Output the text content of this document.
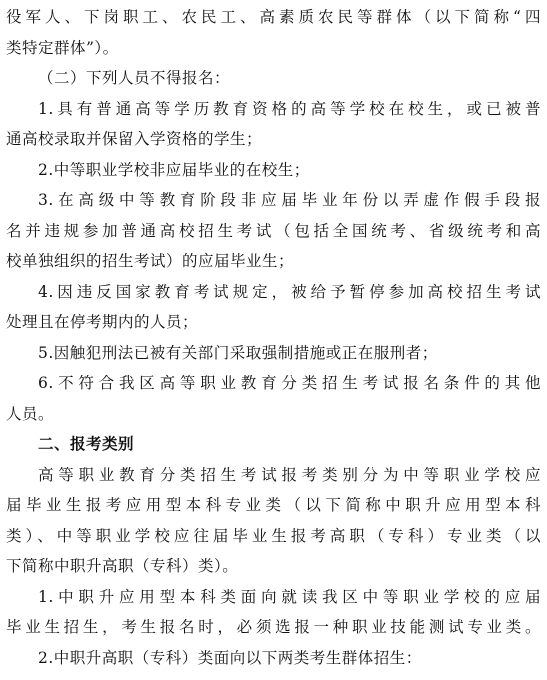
役军人、下岗职工、农民工、高素质农民等群体（以下简称“四
类特定群体”）。
（二）下列人员不得报名：
1.具有普通高等学历教育资格的高等学校在校生，或已被普
通高校录取并保留入学资格的学生；
2.中等职业学校非应届毕业的在校生；
3.在高级中等教育阶段非应届毕业年份以弄虚作假手段报
名并违规参加普通高校招生考试（包括全国统考、省级统考和高
校单独组织的招生考试）的应届毕业生；
4.因违反国家教育考试规定，被给予暂停参加高校招生考试
处理且在停考期内的人员；
5.因触犯刑法已被有关部门采取强制措施或正在服刑者；
6.不符合我区高等职业教育分类招生考试报名条件的其他
人员。
二、报考类别
高等职业教育分类招生考试报考类别分为中等职业学校应
届毕业生报考应用型本科专业类（以下简称中职升应用型本科
类）、中等职业学校应往届毕业生报考高职（专科）专业类（以
下简称中职升高职（专科）类）。
1.中职升应用型本科类面向就读我区中等职业学校的应届
毕业生招生，考生报名时，必须选报一种职业技能测试专业类。
2.中职升高职（专科）类面向以下两类考生群体招生：
